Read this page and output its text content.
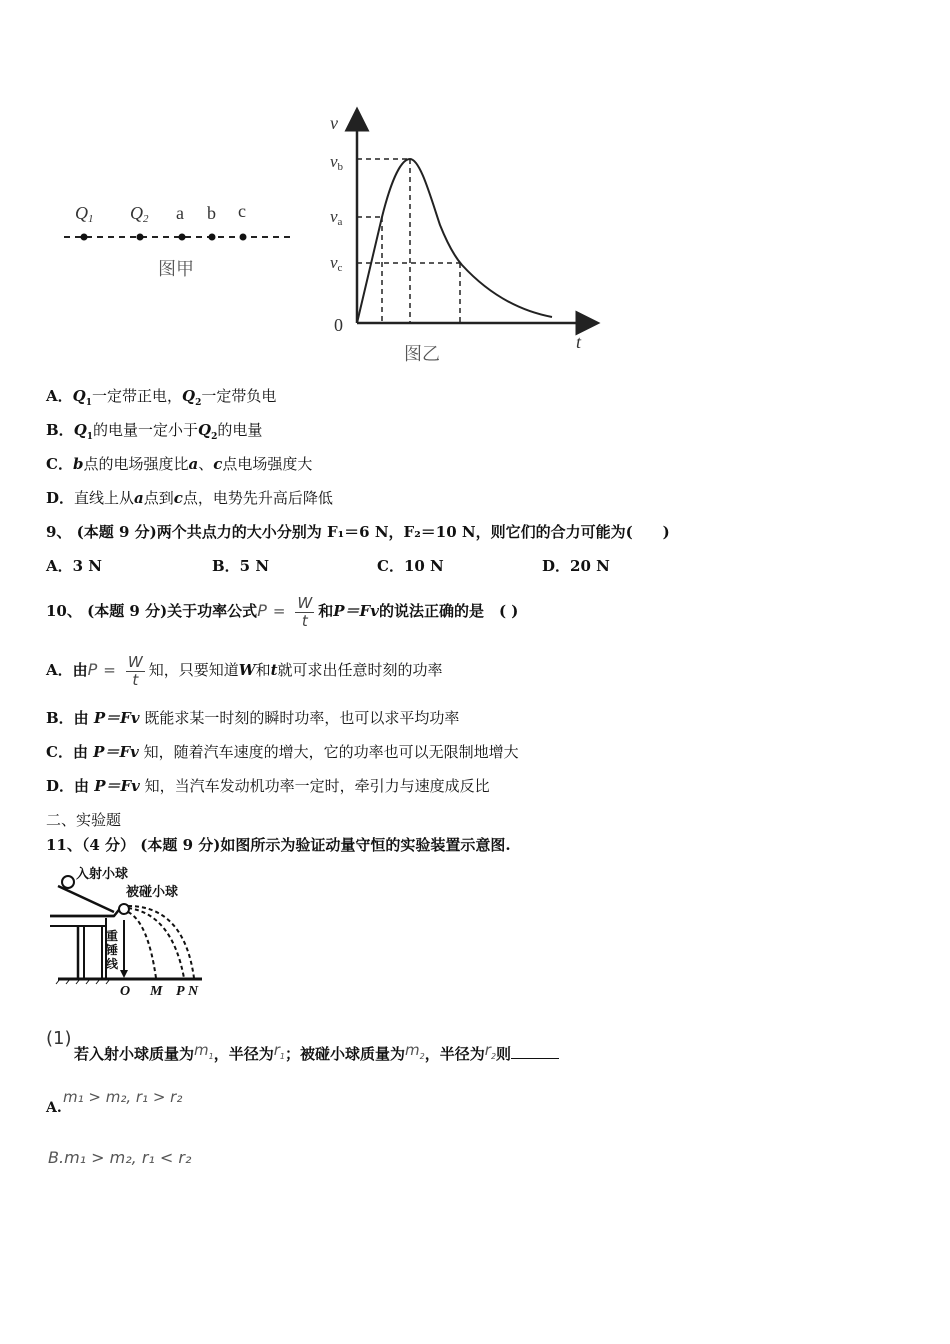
Q1 Q2 a b c
图甲
v
t
0
vb
va
vc
图乙
A．$Q_1$一定带正电，$Q_2$一定带负电
B．$Q_1$的电量一定小于$Q_2$的电量
C．b点的电场强度比a、c点电场强度大
D．直线上从a点到c点，电势先升高后降低
9、 (本题 9 分)两个共点力的大小分别为 F₁＝6 N，F₂＝10 N，则它们的合力可能为(　　)
A．3 N	B．5 N	C．10 N	D．20 N
10、 (本题 9 分)关于功率公式$P = \frac{W}{t}$ 和P＝Fv的说法正确的是　( )
A．由$P = \frac{W}{t}$ 知，只要知道W和t就可求出任意时刻的功率
B．由 P＝Fv 既能求某一时刻的瞬时功率，也可以求平均功率
C．由 P＝Fv 知，随着汽车速度的增大，它的功率也可以无限制地增大
D．由 P＝Fv 知，当汽车发动机功率一定时，牵引力与速度成反比
二、实验题
11、（4 分） (本题 9 分)如图所示为验证动量守恒的实验装置示意图.
入射小球
被碰小球
重
锤
线
O M P N
(1)
若入射小球质量为$m_1$，半径为$r_1$；被碰小球质量为$m_2$，半径为$r_2$则
A.
m₁ > m₂, r₁ > r₂
B.m₁ > m₂, r₁ < r₂
